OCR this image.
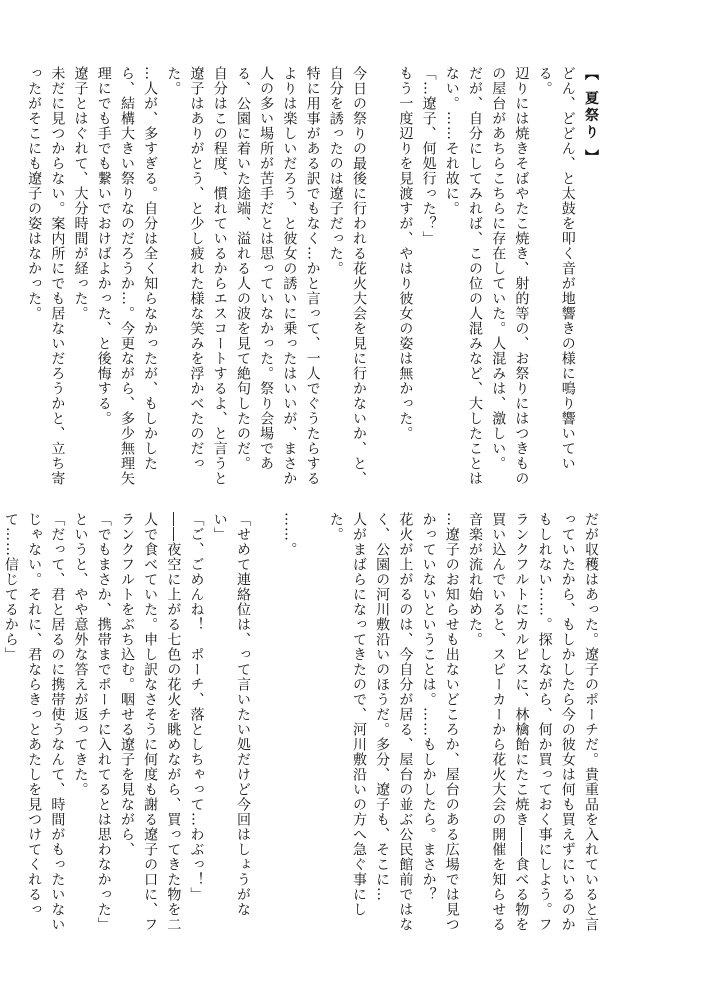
【 夏祭り 】
どん、どどん、と太鼓を叩く音が地響きの様に鳴り響いている。
辺りには焼きそばやたこ焼き、射的等の、お祭りにはつきものの屋台があちらこちらに存在していた。人混みは、激しい。
だが、自分にしてみれば、この位の人混みなど、大したことはない。……それ故に。
「…遼子、何処行った？」
もう一度辺りを見渡すが、やはり彼女の姿は無かった。

今日の祭りの最後に行われる花火大会を見に行かないか、と、自分を誘ったのは遼子だった。
特に用事がある訳でもなく…かと言って、一人でぐうたらするよりは楽しいだろう、と彼女の誘いに乗ったはいいが、まさか人の多い場所が苦手だとは思っていなかった。祭り会場である、公園に着いた途端、溢れる人の波を見て絶句したのだ。
自分はこの程度、慣れているからエスコートするよ、と言うと遼子はありがとう、と少し疲れた様な笑みを浮かべたのだった。
…人が、多すぎる。自分は全く知らなかったが、もしかしたら、結構大きい祭りなのだろうか…。今更ながら、多少無理矢理にでも手でも繋いでおけばよかった、と後悔する。
遼子とはぐれて、大分時間が経った。
未だに見つからない。案内所にでも居ないだろうかと、立ち寄ったがそこにも遼子の姿はなかった。
だが収穫はあった。遼子のポーチだ。貴重品を入れていると言っていたから、もしかしたら今の彼女は何も買えずにいるのかもしれない……。探しながら、何か買っておく事にしよう。フランクフルトにカルピスに、林檎飴にたこ焼き――食べる物を買い込んでいると、スピーカーから花火大会の開催を知らせる音楽が流れ始めた。
…遼子のお知らせも出ないどころか、屋台のある広場では見つかっていないということは。……もしかしたら。まさか？
花火が上がるのは、今自分が居る、屋台の並ぶ公民館前ではなく、公園の河川敷沿いのほうだ。多分、遼子も、そこに…
人がまばらになってきたので、河川敷沿いの方へ急ぐ事にした。

……。

「せめて連絡位は、って言いたい処だけど今回はしょうがない」
「ご、ごめんね！　ポーチ、落としちゃって…わぶっ！」
――夜空に上がる七色の花火を眺めながら、買ってきた物を二人で食べていた。申し訳なさそうに何度も謝る遼子の口に、フランクフルトをぶち込む。咽せる遼子を見ながら、
「でもまさか、携帯までポーチに入れてるとは思わなかった」
というと、やや意外な答えが返ってきた。
「だって、君と居るのに携帯使うなんて、時間がもったいないじゃない。それに、君ならきっとあたしを見つけてくれるって……信じてるから」
